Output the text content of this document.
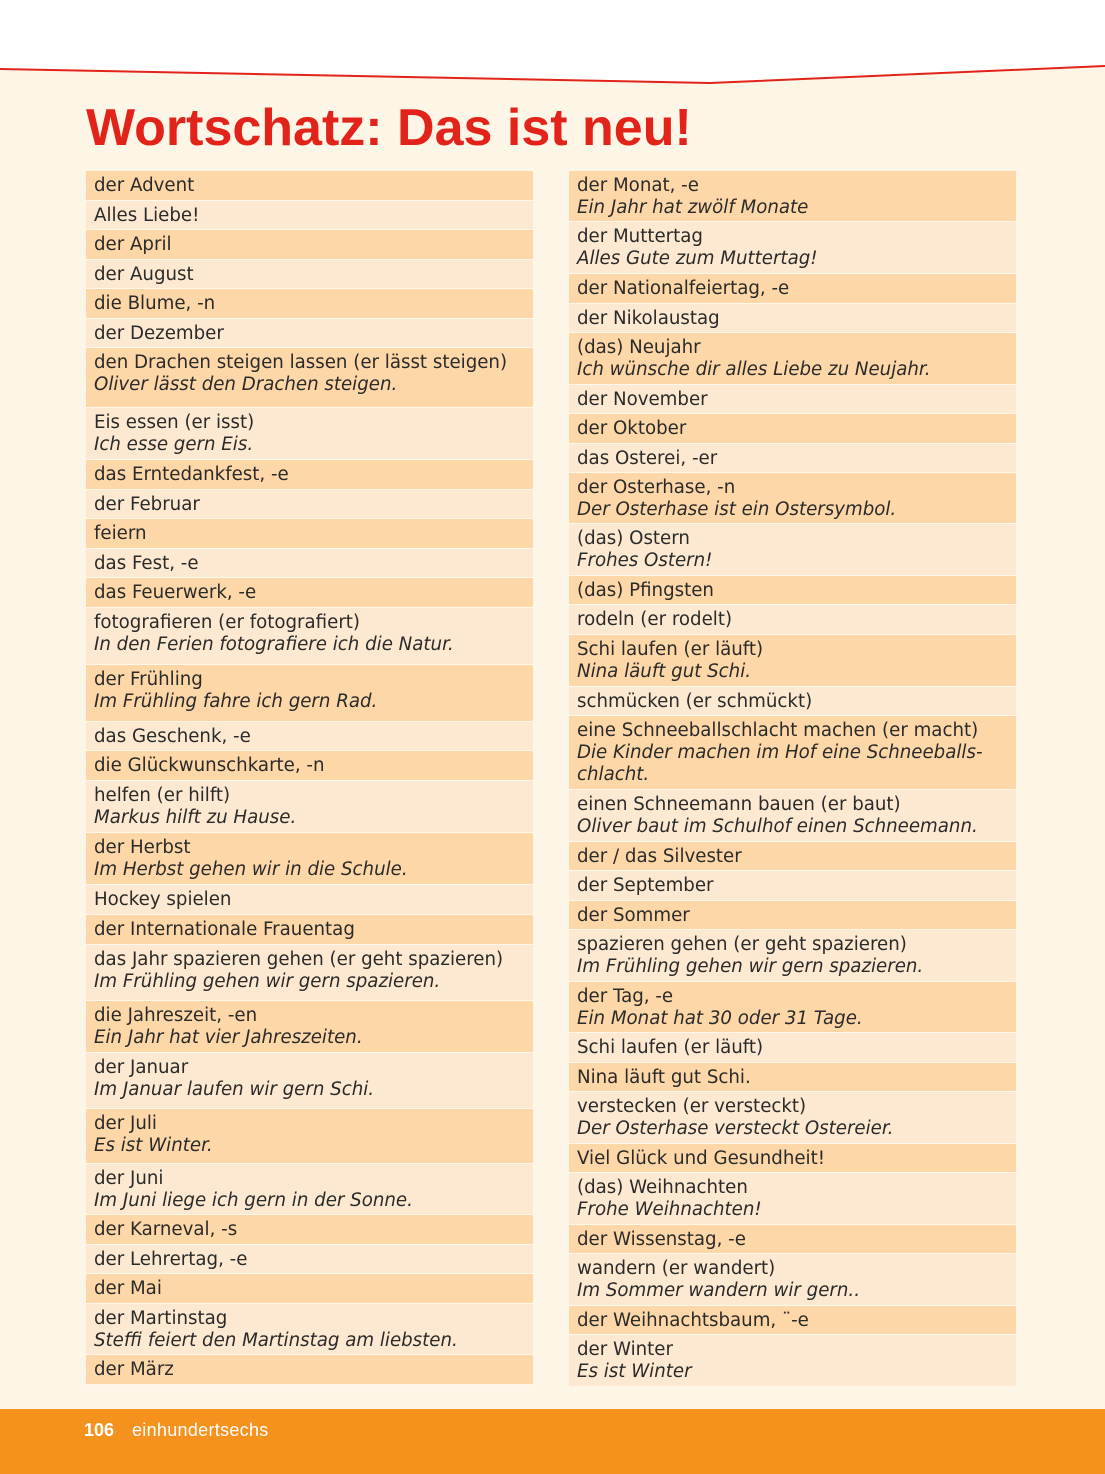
Wortschatz: Das ist neu!
der Advent
Alles Liebe!
der April
der August
die Blume, -n
der Dezember
den Drachen steigen lassen (er lässt steigen)
Oliver lässt den Drachen steigen.
Eis essen (er isst)
Ich esse gern Eis.
das Erntedankfest, -e
der Februar
feiern
das Fest, -e
das Feuerwerk, -e
fotografieren (er fotografiert)
In den Ferien fotografiere ich die Natur.
der Frühling
Im Frühling fahre ich gern Rad.
das Geschenk, -e
die Glückwunschkarte, -n
helfen (er hilft)
Markus hilft zu Hause.
der Herbst
Im Herbst gehen wir in die Schule.
Hockey spielen
der Internationale Frauentag
das Jahr spazieren gehen (er geht spazieren)
Im Frühling gehen wir gern spazieren.
die Jahreszeit, -en
Ein Jahr hat vier Jahreszeiten.
der Januar
Im Januar laufen wir gern Schi.
der Juli
Es ist Winter.
der Juni
Im Juni liege ich gern in der Sonne.
der Karneval, -s
der Lehrertag, -e
der Mai
der Martinstag
Steffi feiert den Martinstag am liebsten.
der März
der Monat, -e
Ein Jahr hat zwölf Monate
der Muttertag
Alles Gute zum Muttertag!
der Nationalfeiertag, -e
der Nikolaustag
(das) Neujahr
Ich wünsche dir alles Liebe zu Neujahr.
der November
der Oktober
das Osterei, -er
der Osterhase, -n
Der Osterhase ist ein Ostersymbol.
(das) Ostern
Frohes Ostern!
(das) Pfingsten
rodeln (er rodelt)
Schi laufen (er läuft)
Nina läuft gut Schi.
schmücken (er schmückt)
eine Schneeballschlacht machen (er macht)
Die Kinder machen im Hof eine Schneeballs-
chlacht.
einen Schneemann bauen (er baut)
Oliver baut im Schulhof einen Schneemann.
der / das Silvester
der September
der Sommer
spazieren gehen (er geht spazieren)
Im Frühling gehen wir gern spazieren.
der Tag, -e
Ein Monat hat 30 oder 31 Tage.
Schi laufen (er läuft)
Nina läuft gut Schi.
verstecken (er versteckt)
Der Osterhase versteckt Ostereier.
Viel Glück und Gesundheit!
(das) Weihnachten
Frohe Weihnachten!
der Wissenstag, -e
wandern (er wandert)
Im Sommer wandern wir gern..
der Weihnachtsbaum, ¨-e
der Winter
Es ist Winter
106 einhundertsechs
